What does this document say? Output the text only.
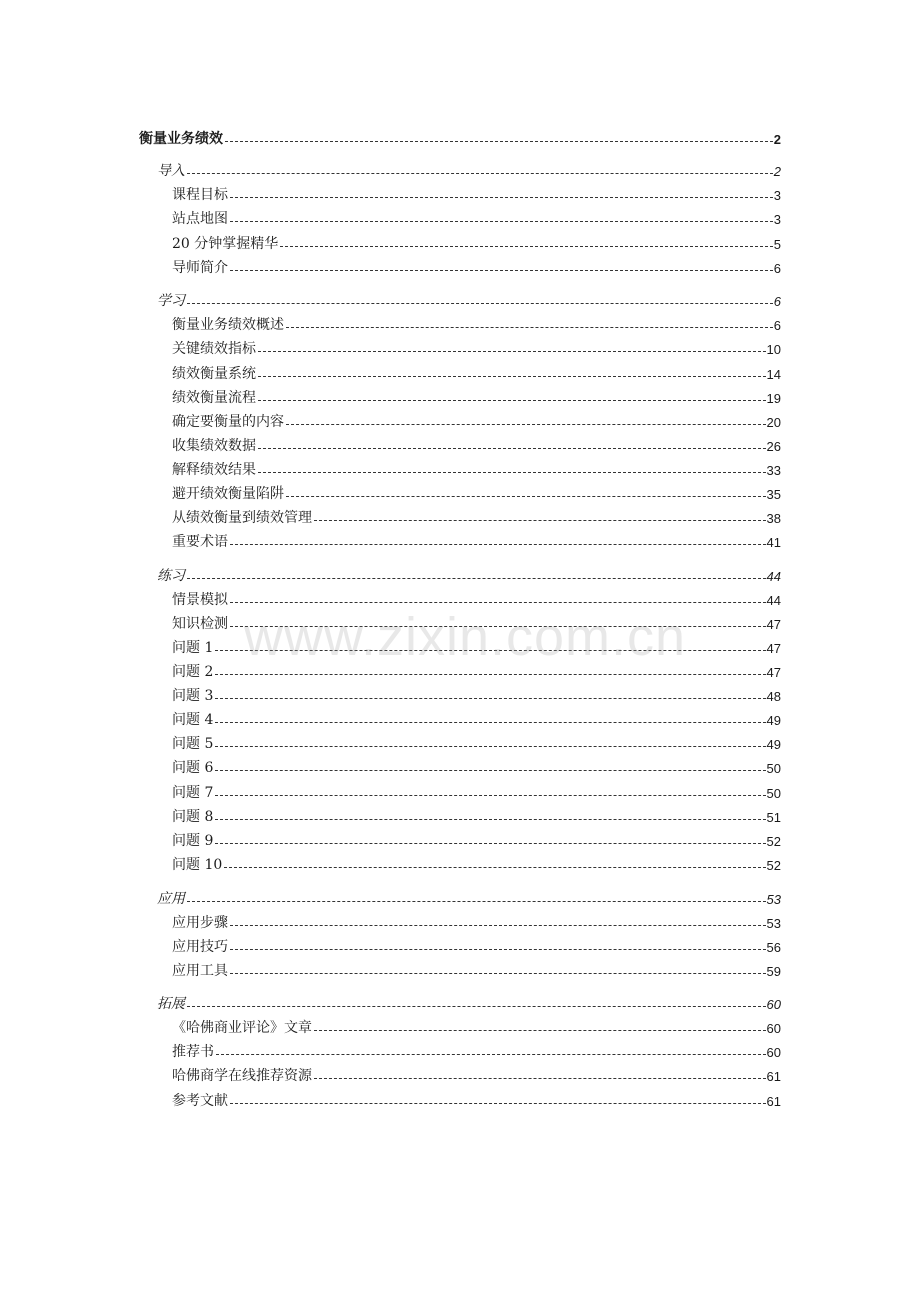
衡量业务绩效	2
导入	2
课程目标	3
站点地图	3
20 分钟掌握精华	5
导师简介	6
学习	6
衡量业务绩效概述	6
关键绩效指标	10
绩效衡量系统	14
绩效衡量流程	19
确定要衡量的内容	20
收集绩效数据	26
解释绩效结果	33
避开绩效衡量陷阱	35
从绩效衡量到绩效管理	38
重要术语	41
练习	44
情景模拟	44
知识检测	47
问题 1	47
问题 2	47
问题 3	48
问题 4	49
问题 5	49
问题 6	50
问题 7	50
问题 8	51
问题 9	52
问题 10	52
应用	53
应用步骤	53
应用技巧	56
应用工具	59
拓展	60
《哈佛商业评论》文章	60
推荐书	60
哈佛商学在线推荐资源	61
参考文献	61
www.zixin.com.cn
